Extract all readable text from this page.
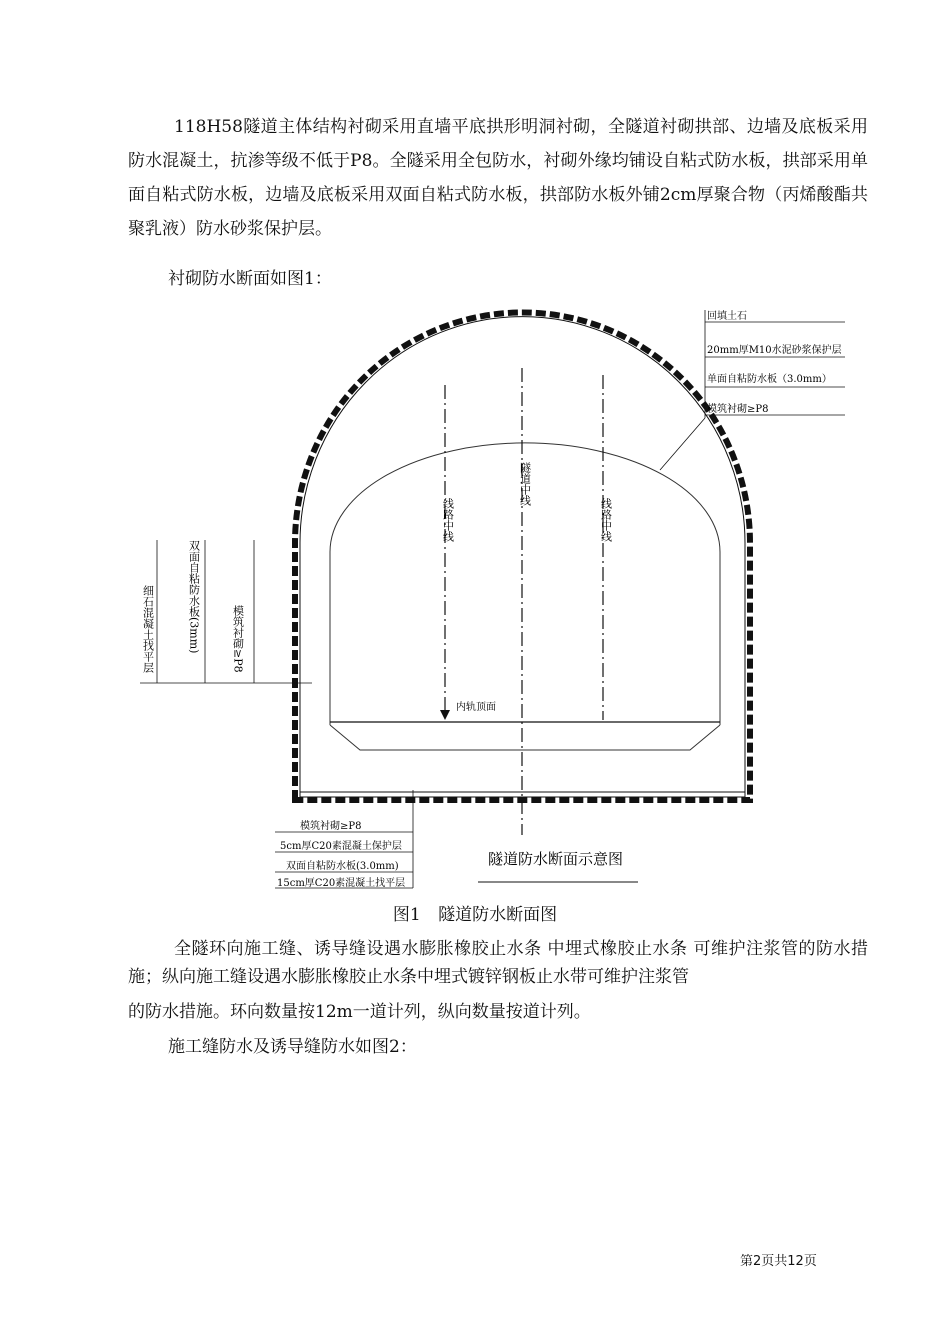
118H58隧道主体结构衬砌采用直墙平底拱形明洞衬砌，全隧道衬砌拱部、边墙及底板采用防水混凝土，抗渗等级不低于P8。全隧采用全包防水，衬砌外缘均铺设自粘式防水板，拱部采用单面自粘式防水板，边墙及底板采用双面自粘式防水板，拱部防水板外铺2cm厚聚合物（丙烯酸酯共聚乳液）防水砂浆保护层。

衬砌防水断面如图1：

线路中线
隧道中线
线路中线
内轨顶面
回填土石
20mm厚M10水泥砂浆保护层
单面自粘防水板（3.0mm）
模筑衬砌≥P8
细石混凝土找平层	双面自粘防水板(3mm)	模筑衬砌≥P8
模筑衬砌≥P8
5cm厚C20素混凝土保护层
双面自粘防水板(3.0mm)
15cm厚C20素混凝土找平层
隧道防水断面示意图
图1 隧道防水断面图

全隧环向施工缝、诱导缝设遇水膨胀橡胶止水条 中埋式橡胶止水条 可维护注浆管的防水措施；纵向施工缝设遇水膨胀橡胶止水条中埋式镀锌钢板止水带可维护注浆管

的防水措施。环向数量按12m一道计列，纵向数量按道计列。

施工缝防水及诱导缝防水如图2：

第2页共12页
